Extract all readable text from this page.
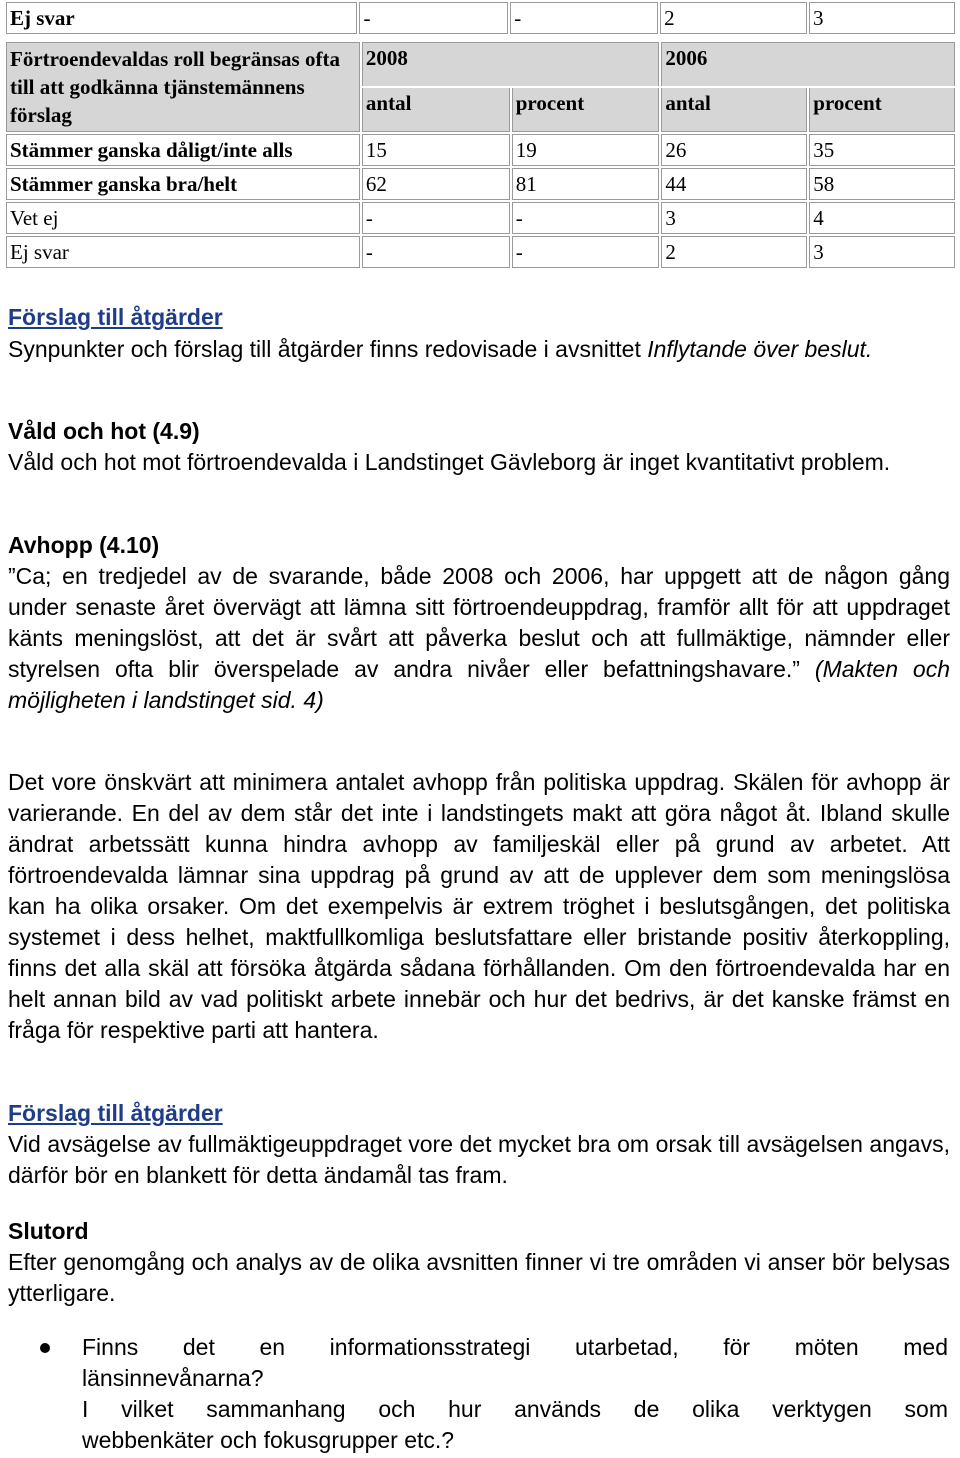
Ej svar	-	-	2	3
Förtroendevaldas roll begränsas ofta till att godkänna tjänstemännens förslag	2008		2006	
	antal	procent	antal	procent
Stämmer ganska dåligt/inte alls	15	19	26	35
Stämmer ganska bra/helt	62	81	44	58
Vet ej	-	-	3	4
Ej svar	-	-	2	3
Förslag till åtgärder

Synpunkter och förslag till åtgärder finns redovisade i avsnittet Inflytande över beslut.

Våld och hot (4.9)

Våld och hot mot förtroendevalda i Landstinget Gävleborg är inget kvantitativt problem.

Avhopp (4.10)

”Ca; en tredjedel av de svarande, både 2008 och 2006, har uppgett att de någon gång under senaste året övervägt att lämna sitt förtroendeuppdrag, framför allt för att uppdraget känts meningslöst, att det är svårt att påverka beslut och att fullmäktige, nämnder eller styrelsen ofta blir överspelade av andra nivåer eller befattningshavare.” (Makten och möjligheten i landstinget sid. 4)

Det vore önskvärt att minimera antalet avhopp från politiska uppdrag. Skälen för avhopp är varierande. En del av dem står det inte i landstingets makt att göra något åt. Ibland skulle ändrat arbetssätt kunna hindra avhopp av familjeskäl eller på grund av arbetet. Att förtroendevalda lämnar sina uppdrag på grund av att de upplever dem som meningslösa kan ha olika orsaker. Om det exempelvis är extrem tröghet i beslutsgången, det politiska systemet i dess helhet, maktfullkomliga beslutsfattare eller bristande positiv återkoppling, finns det alla skäl att försöka åtgärda sådana förhållanden. Om den förtroendevalda har en helt annan bild av vad politiskt arbete innebär och hur det bedrivs, är det kanske främst en fråga för respektive parti att hantera.

Förslag till åtgärder

Vid avsägelse av fullmäktigeuppdraget vore det mycket bra om orsak till avsägelsen angavs, därför bör en blankett för detta ändamål tas fram.

Slutord

Efter genomgång och analys av de olika avsnitten finner vi tre områden vi anser bör belysas ytterligare.

Finns det en informationsstrategi utarbetad, för möten med
länsinnevånarna?
I vilket sammanhang och hur används de olika verktygen som
webbenkäter och fokusgrupper etc.?
